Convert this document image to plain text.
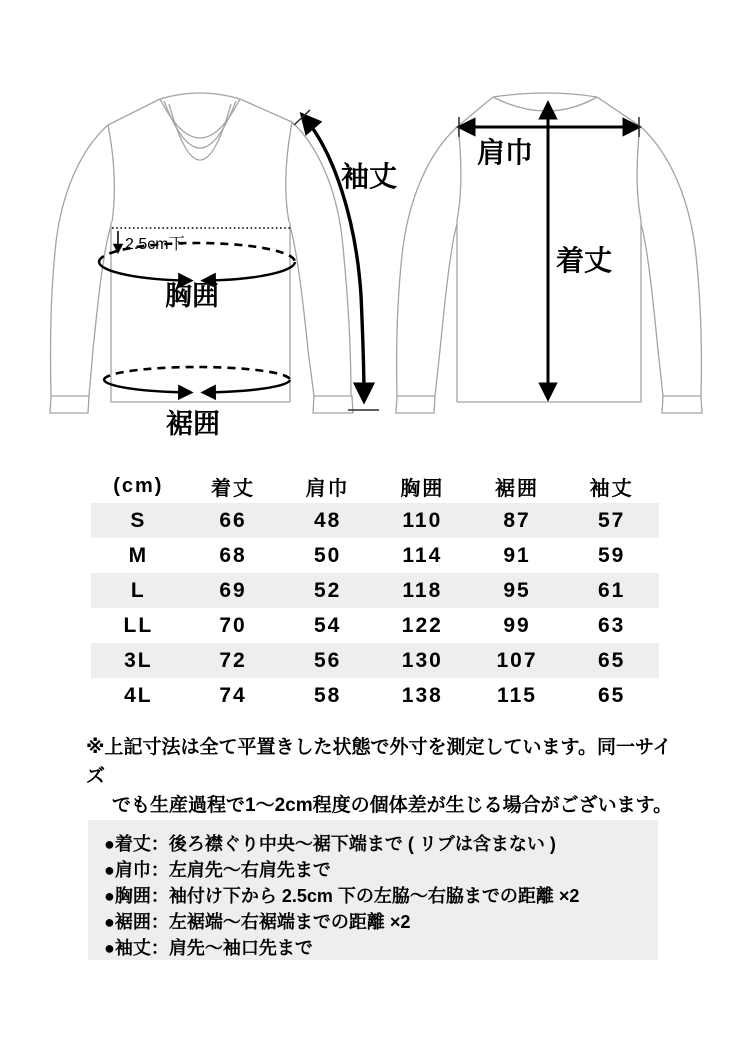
2.5cm下
胸囲
裾囲
袖丈
肩巾
着丈
(cm)	着丈	肩巾	胸囲	裾囲	袖丈
S	66	48	110	87	57
M	68	50	114	91	59
L	69	52	118	95	61
LL	70	54	122	99	63
3L	72	56	130	107	65
4L	74	58	138	115	65
※上記寸法は全て平置きした状態で外寸を測定しています。同一サイズ
でも生産過程で1～2cm程度の個体差が生じる場合がございます。
●着丈：後ろ襟ぐり中央～裾下端まで ( リブは含まない )
●肩巾：左肩先～右肩先まで
●胸囲：袖付け下から 2.5cm 下の左脇～右脇までの距離 ×2
●裾囲：左裾端～右裾端までの距離 ×2
●袖丈：肩先～袖口先まで
